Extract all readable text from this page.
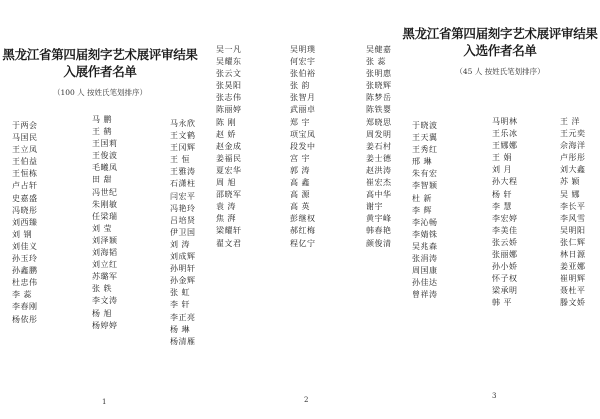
黑龙江省第四届刻字艺术展评审结果
入展作者名单
（100 人 按姓氏笔划排序）
于两会
马国民
王立凤
王伯益
王恒栋
卢占轩
史嘉盛
冯晓彤
刘西臻
刘 钢
刘佳义
孙玉玲
孙鑫鹏
杜忠伟
李 蕊
李春刚
杨依彤
马 鹏
王 鹤
王国莉
王俊波
毛曦凤
田 甜
冯世纪
朱刚敏
任梁瑞
刘 莹
刘泽颖
刘海韬
刘立红
苏璐军
张 轶
李文涛
杨 旭
杨婷婷
马永欣
王文鹤
王冈辉
王 恒
王雅涛
石潇柱
闫宏平
冯艳玲
吕培贤
伊卫国
刘 涛
刘成辉
孙明轩
孙金辉
张 虹
李 轩
李正亮
杨 琳
杨清雁
1
吴一凡
吴耀东
张云文
张昊阳
张志伟
陈丽婷
陈 刚
赵 娇
赵金成
姜福民
夏宏华
周 旭
邵晓军
袁 涛
焦 湃
梁耀轩
翟文君
吴明璞
何宏宇
张伯裕
张 韵
张智月
武丽卓
郑 宇
项宝凤
段发中
宫 宇
郭 涛
高 鑫
高 源
高 英
彭继权
郝红梅
程亿宁
吴健嘉
张 蕊
张明惠
张晓辉
陈梦岳
陈铁婴
郑晓思
周发明
姜石村
姜士德
赵洪涛
崔宏杰
高中华
谢宇
黄宇峰
韩春艳
颜俊清
2
黑龙江省第四届刻字艺术展评审结果
入选作者名单
（45 人 按姓氏笔划排序）
于晓波
王天翼
王秀红
邢 琳
朱有宏
李智颖
杜 新
李 辉
李沁畅
李婧铢
吴兆森
张涓涛
周国康
孙佳达
曾祥涛
马明林
王乐冰
王娜娜
王 娟
刘 月
孙大程
杨 轩
李 慧
李宏婷
李美佳
张云娇
张丽娜
孙小娇
怀子权
梁承明
韩 平
王 洋
王元奕
佘海洋
卢彤彤
刘大鑫
苏 颖
吴 娜
李长平
李风雪
吴明阳
张仁辉
林日源
姜亚娜
崔明辉
聂杜平
滕文娇
3
